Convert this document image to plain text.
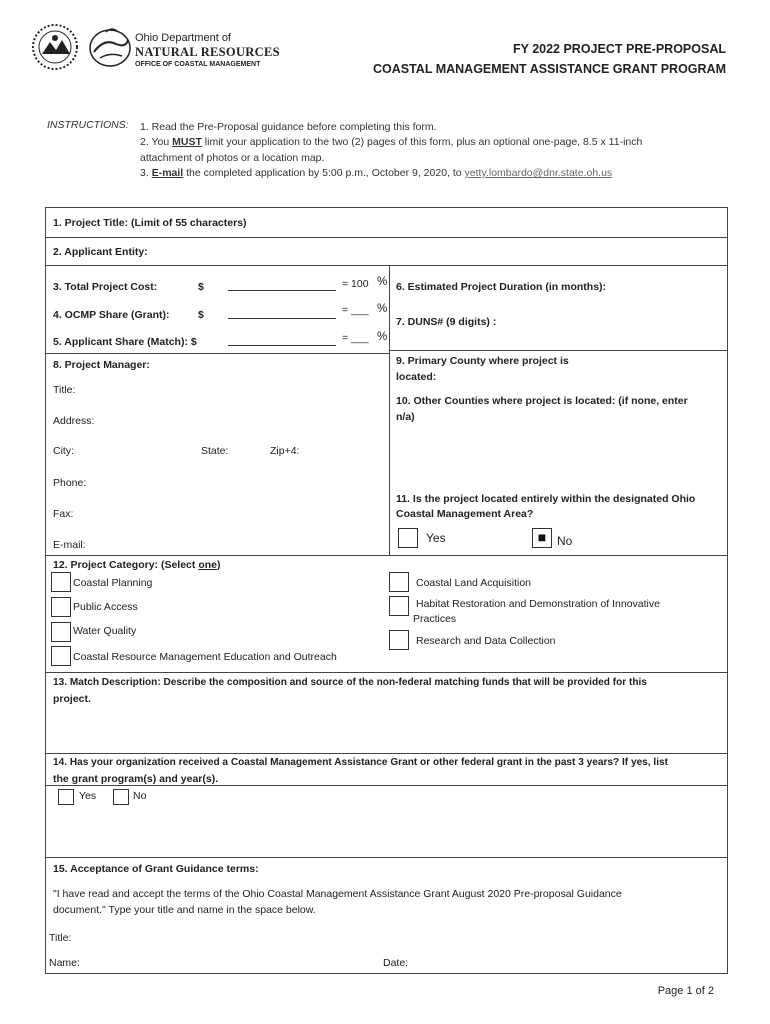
Ohio Department of
NATURAL RESOURCES
OFFICE OF COASTAL MANAGEMENT
FY 2022 PROJECT PRE-PROPOSAL
COASTAL MANAGEMENT ASSISTANCE GRANT PROGRAM
INSTRUCTIONS: 1. Read the Pre-Proposal guidance before completing this form.
2. You MUST limit your application to the two (2) pages of this form, plus an optional one-page, 8.5 x 11-inch
attachment of photos or a location map.
3. E-mail the completed application by 5:00 p.m., October 9, 2020, to yetty.lombardo@dnr.state.oh.us
1. Project Title: (Limit of 55 characters)
2. Applicant Entity:
3. Total Project Cost:	$	= 100 %
4. OCMP Share (Grant):	$	= ___ %
5. Applicant Share (Match): $	= ___ %
6. Estimated Project Duration (in months):
7. DUNS# (9 digits) :
8. Project Manager:
Title:
Address:
City:	State:	Zip+4:
Phone:
Fax:
E-mail:
9. Primary County where project is
located:
10. Other Counties where project is located: (if none, enter
n/a)
11. Is the project located entirely within the designated Ohio
Coastal Management Area?
Yes	■ No
12. Project Category: (Select one)
Coastal Planning
Public Access
Water Quality
Coastal Resource Management Education and Outreach
Coastal Land Acquisition
Habitat Restoration and Demonstration of Innovative
Practices
Research and Data Collection
13. Match Description: Describe the composition and source of the non-federal matching funds that will be provided for this
project.
14. Has your organization received a Coastal Management Assistance Grant or other federal grant in the past 3 years? If yes, list
the grant program(s) and year(s).
Yes	No
15. Acceptance of Grant Guidance terms:
"I have read and accept the terms of the Ohio Coastal Management Assistance Grant August 2020 Pre-proposal Guidance
document." Type your title and name in the space below.
Title:
Name:	Date:
Page 1 of 2
